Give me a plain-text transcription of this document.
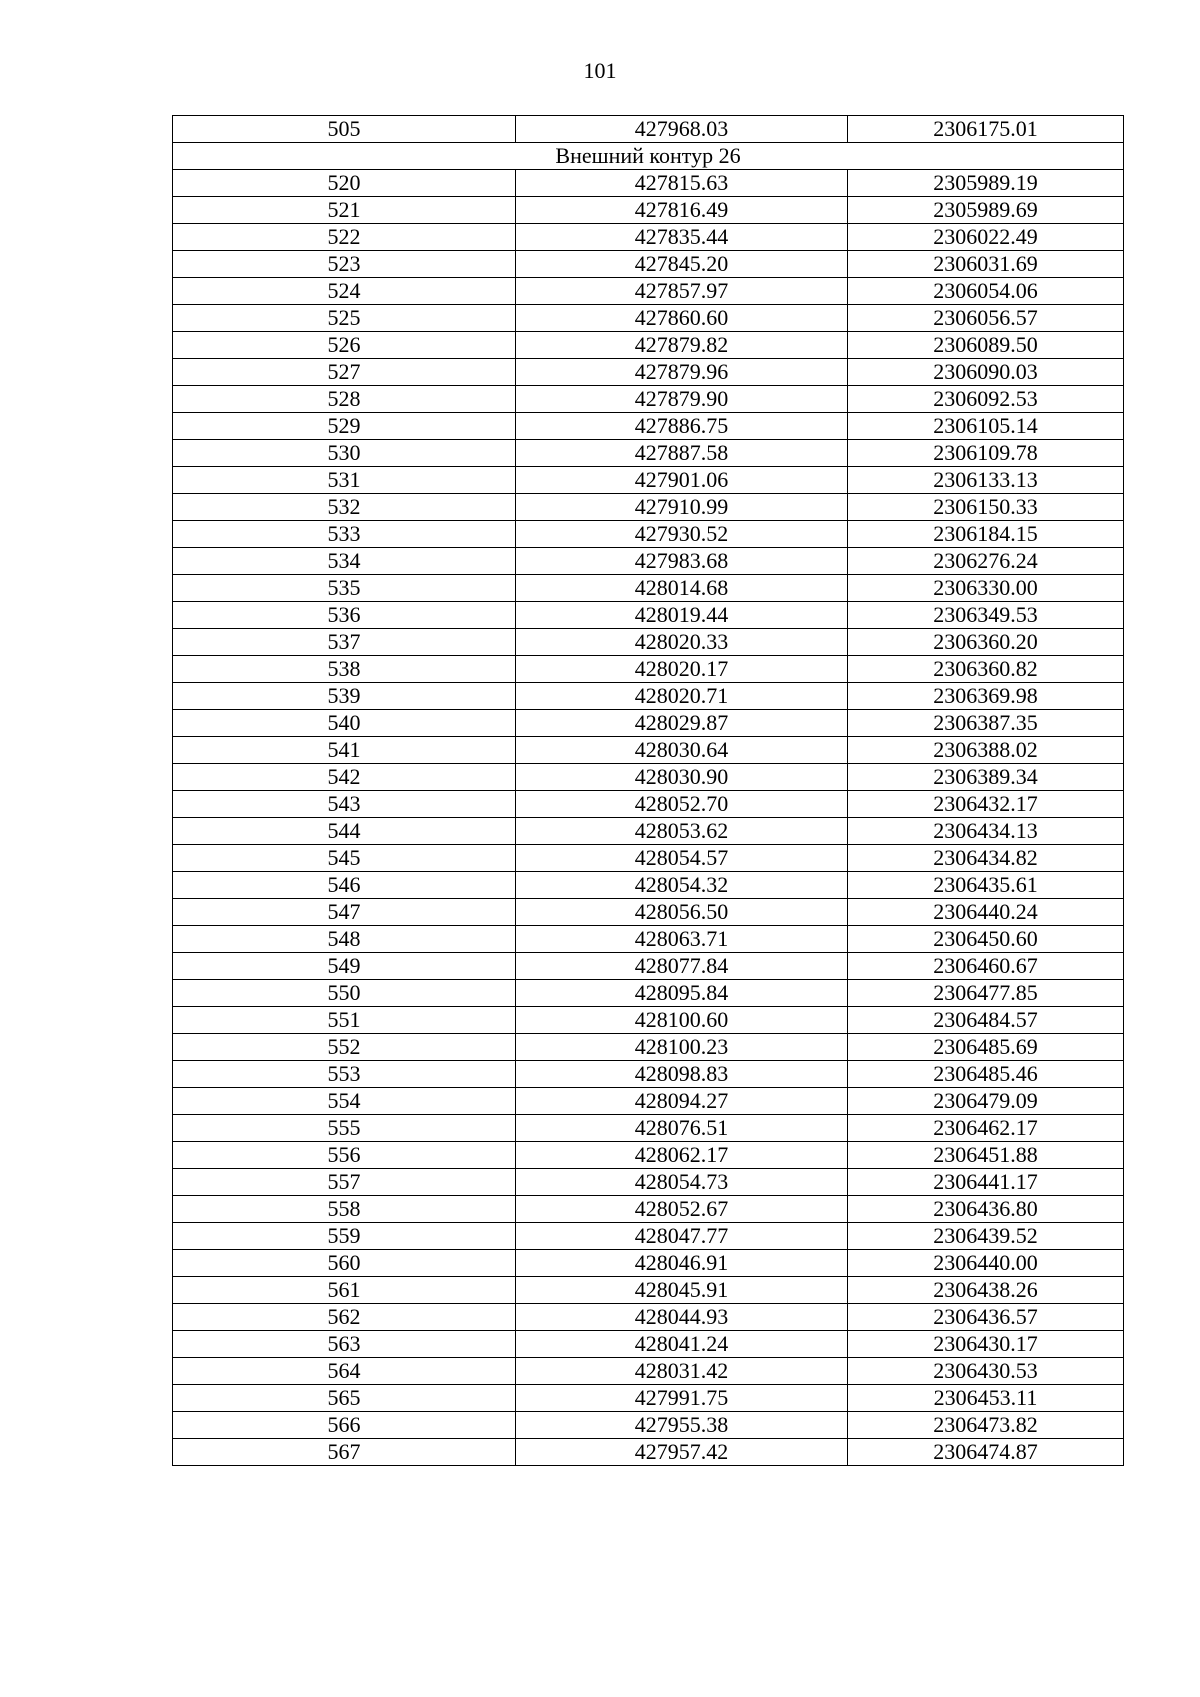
101
505	427968.03	2306175.01
Внешний контур 26		
520	427815.63	2305989.19
521	427816.49	2305989.69
522	427835.44	2306022.49
523	427845.20	2306031.69
524	427857.97	2306054.06
525	427860.60	2306056.57
526	427879.82	2306089.50
527	427879.96	2306090.03
528	427879.90	2306092.53
529	427886.75	2306105.14
530	427887.58	2306109.78
531	427901.06	2306133.13
532	427910.99	2306150.33
533	427930.52	2306184.15
534	427983.68	2306276.24
535	428014.68	2306330.00
536	428019.44	2306349.53
537	428020.33	2306360.20
538	428020.17	2306360.82
539	428020.71	2306369.98
540	428029.87	2306387.35
541	428030.64	2306388.02
542	428030.90	2306389.34
543	428052.70	2306432.17
544	428053.62	2306434.13
545	428054.57	2306434.82
546	428054.32	2306435.61
547	428056.50	2306440.24
548	428063.71	2306450.60
549	428077.84	2306460.67
550	428095.84	2306477.85
551	428100.60	2306484.57
552	428100.23	2306485.69
553	428098.83	2306485.46
554	428094.27	2306479.09
555	428076.51	2306462.17
556	428062.17	2306451.88
557	428054.73	2306441.17
558	428052.67	2306436.80
559	428047.77	2306439.52
560	428046.91	2306440.00
561	428045.91	2306438.26
562	428044.93	2306436.57
563	428041.24	2306430.17
564	428031.42	2306430.53
565	427991.75	2306453.11
566	427955.38	2306473.82
567	427957.42	2306474.87
